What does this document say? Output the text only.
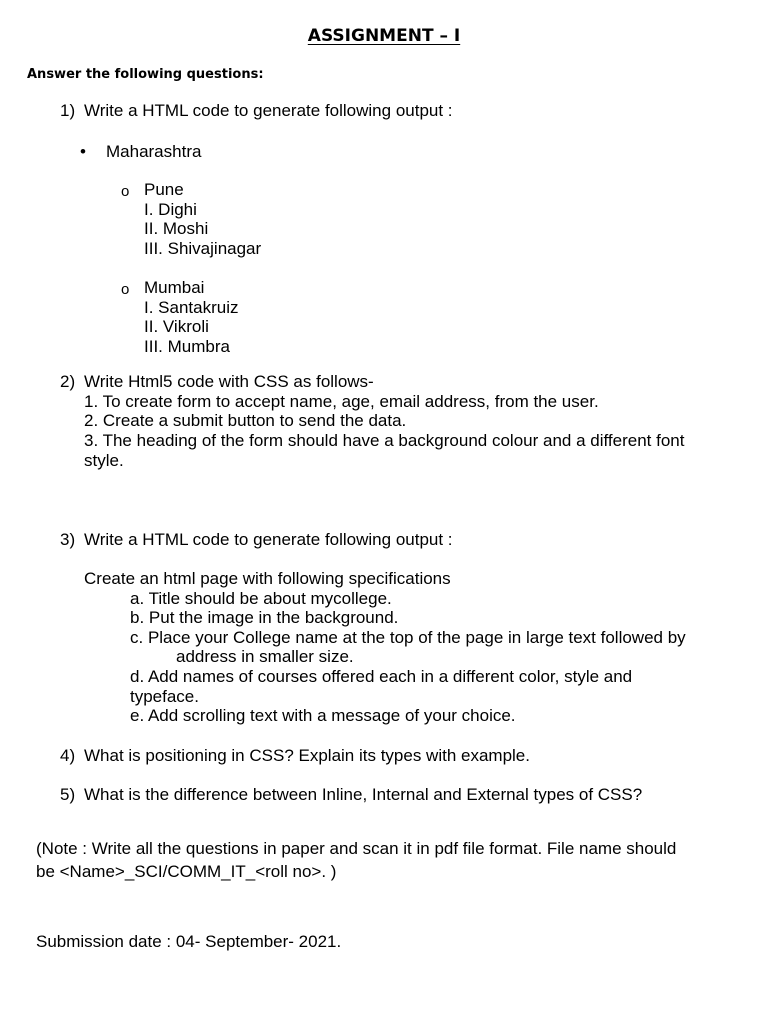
ASSIGNMENT – I
Answer the following questions:
1) Write a HTML code to generate following output :
• Maharashtra
o Pune
I. Dighi
II. Moshi
III. Shivajinagar
o Mumbai
I. Santakruiz
II. Vikroli
III. Mumbra
2) Write Html5 code with CSS as follows-
1. To create form to accept name, age, email address, from the user.
2. Create a submit button to send the data.
3. The heading of the form should have a background colour and a different font
style.
3) Write a HTML code to generate following output :
Create an html page with following specifications
a. Title should be about mycollege.
b. Put the image in the background.
c. Place your College name at the top of the page in large text followed by
address in smaller size.
d. Add names of courses offered each in a different color, style and
typeface.
e. Add scrolling text with a message of your choice.
4) What is positioning in CSS? Explain its types with example.
5) What is the difference between Inline, Internal and External types of CSS?
(Note : Write all the questions in paper and scan it in pdf file format. File name should
be <Name>_SCI/COMM_IT_<roll no>. )
Submission date : 04- September- 2021.
